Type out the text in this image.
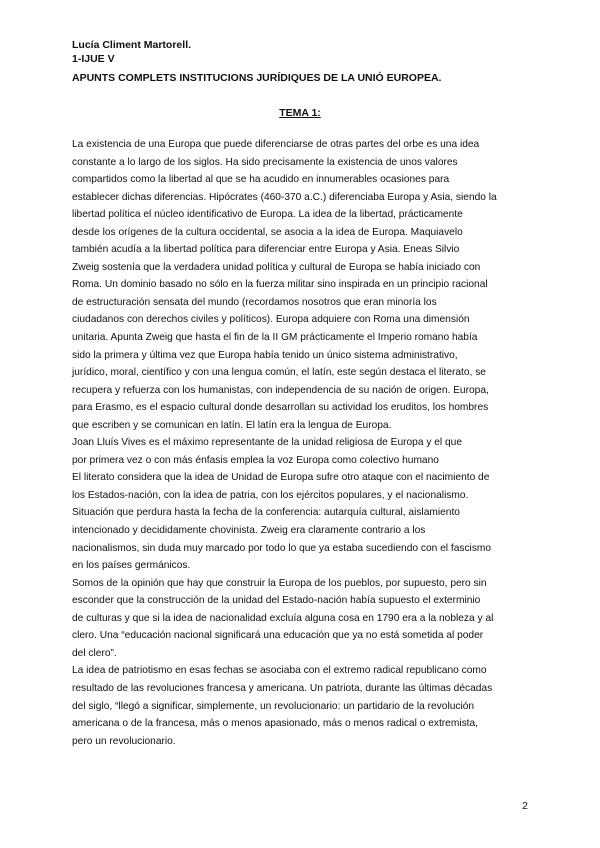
Lucía Climent Martorell.
1-IJUE V
APUNTS COMPLETS INSTITUCIONS JURÍDIQUES DE LA UNIÓ EUROPEA.
TEMA 1:
La existencia de una Europa que puede diferenciarse de otras partes del orbe es una idea
constante a lo largo de los siglos. Ha sido precisamente la existencia de unos valores
compartidos como la libertad al que se ha acudido en innumerables ocasiones para
establecer dichas diferencias. Hipócrates (460-370 a.C.) diferenciaba Europa y Asia, siendo la
libertad política el núcleo identificativo de Europa. La idea de la libertad, prácticamente
desde los orígenes de la cultura occidental, se asocia a la idea de Europa. Maquiavelo
también acudía a la libertad política para diferenciar entre Europa y Asia. Eneas Silvio
Zweig sostenía que la verdadera unidad política y cultural de Europa se había iniciado con
Roma. Un dominio basado no sólo en la fuerza militar sino inspirada en un principio racional
de estructuración sensata del mundo (recordamos nosotros que eran minoría los
ciudadanos con derechos civiles y políticos). Europa adquiere con Roma una dimensión
unitaria. Apunta Zweig que hasta el fin de la II GM prácticamente el Imperio romano había
sido la primera y última vez que Europa había tenido un único sistema administrativo,
jurídico, moral, científico y con una lengua común, el latín, este según destaca el literato, se
recupera y refuerza con los humanistas, con independencia de su nación de origen. Europa,
para Erasmo, es el espacio cultural donde desarrollan su actividad los eruditos, los hombres
que escriben y se comunican en latín. El latín era la lengua de Europa.
Joan Lluís Vives es el máximo representante de la unidad religiosa de Europa y el que
por primera vez o con más énfasis emplea la voz Europa como colectivo humano
El literato considera que la idea de Unidad de Europa sufre otro ataque con el nacimiento de
los Estados-nación, con la idea de patria, con los ejércitos populares, y el nacionalismo.
Situación que perdura hasta la fecha de la conferencia: autarquía cultural, aislamiento
intencionado y decididamente chovinista. Zweig era claramente contrario a los
nacionalismos, sin duda muy marcado por todo lo que ya estaba sucediendo con el fascismo
en los países germánicos.
Somos de la opinión que hay que construir la Europa de los pueblos, por supuesto, pero sin
esconder que la construcción de la unidad del Estado-nación había supuesto el exterminio
de culturas y que si la idea de nacionalidad excluía alguna cosa en 1790 era a la nobleza y al
clero. Una “educación nacional significará una educación que ya no está sometida al poder
del clero”.
La idea de patriotismo en esas fechas se asociaba con el extremo radical republicano como
resultado de las revoluciones francesa y americana. Un patriota, durante las últimas décadas
del siglo, “llegó a significar, simplemente, un revolucionario: un partidario de la revolución
americana o de la francesa, más o menos apasionado, más o menos radical o extremista,
pero un revolucionario.
2
